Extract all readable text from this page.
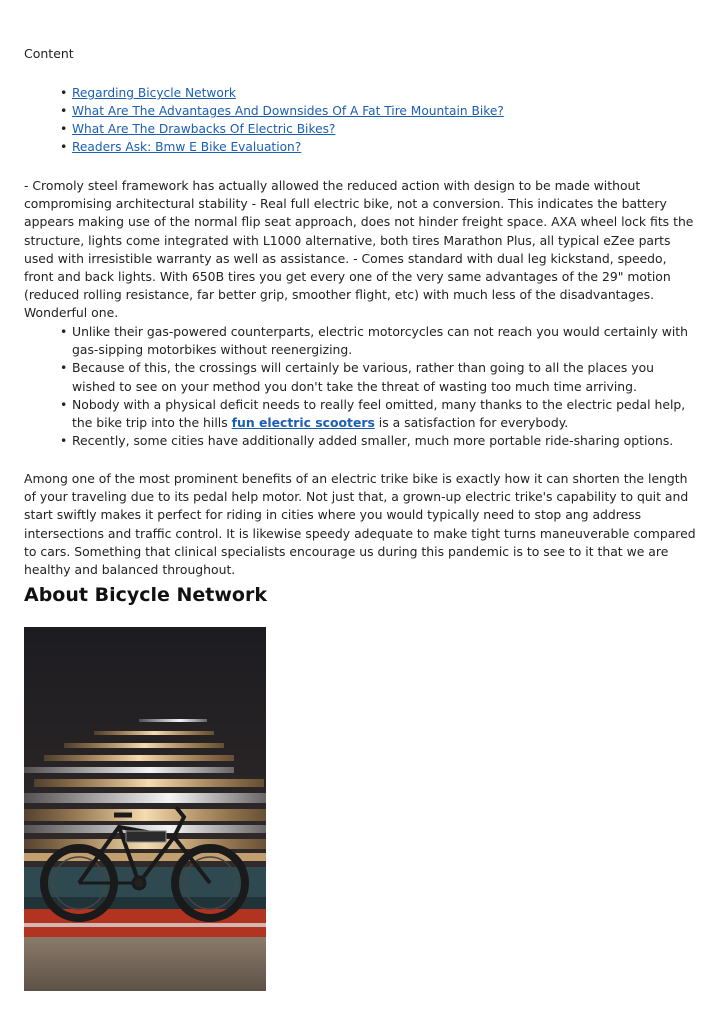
Content

• Regarding Bicycle Network
• What Are The Advantages And Downsides Of A Fat Tire Mountain Bike?
• What Are The Drawbacks Of Electric Bikes?
• Readers Ask: Bmw E Bike Evaluation?

- Cromoly steel framework has actually allowed the reduced action with design to be made without compromising architectural stability - Real full electric bike, not a conversion. This indicates the battery appears making use of the normal flip seat approach, does not hinder freight space. AXA wheel lock fits the structure, lights come integrated with L1000 alternative, both tires Marathon Plus, all typical eZee parts used with irresistible warranty as well as assistance. - Comes standard with dual leg kickstand, speedo, front and back lights. With 650B tires you get every one of the very same advantages of the 29" motion (reduced rolling resistance, far better grip, smoother flight, etc) with much less of the disadvantages. Wonderful one.

• Unlike their gas-powered counterparts, electric motorcycles can not reach you would certainly with gas-sipping motorbikes without reenergizing.
• Because of this, the crossings will certainly be various, rather than going to all the places you wished to see on your method you don't take the threat of wasting too much time arriving.
• Nobody with a physical deficit needs to really feel omitted, many thanks to the electric pedal help, the bike trip into the hills fun electric scooters is a satisfaction for everybody.
• Recently, some cities have additionally added smaller, much more portable ride-sharing options.

Among one of the most prominent benefits of an electric trike bike is exactly how it can shorten the length of your traveling due to its pedal help motor. Not just that, a grown-up electric trike's capability to quit and start swiftly makes it perfect for riding in cities where you would typically need to stop ang address intersections and traffic control. It is likewise speedy adequate to make tight turns maneuverable compared to cars. Something that clinical specialists encourage us during this pandemic is to see to it that we are healthy and balanced throughout.

About Bicycle Network
